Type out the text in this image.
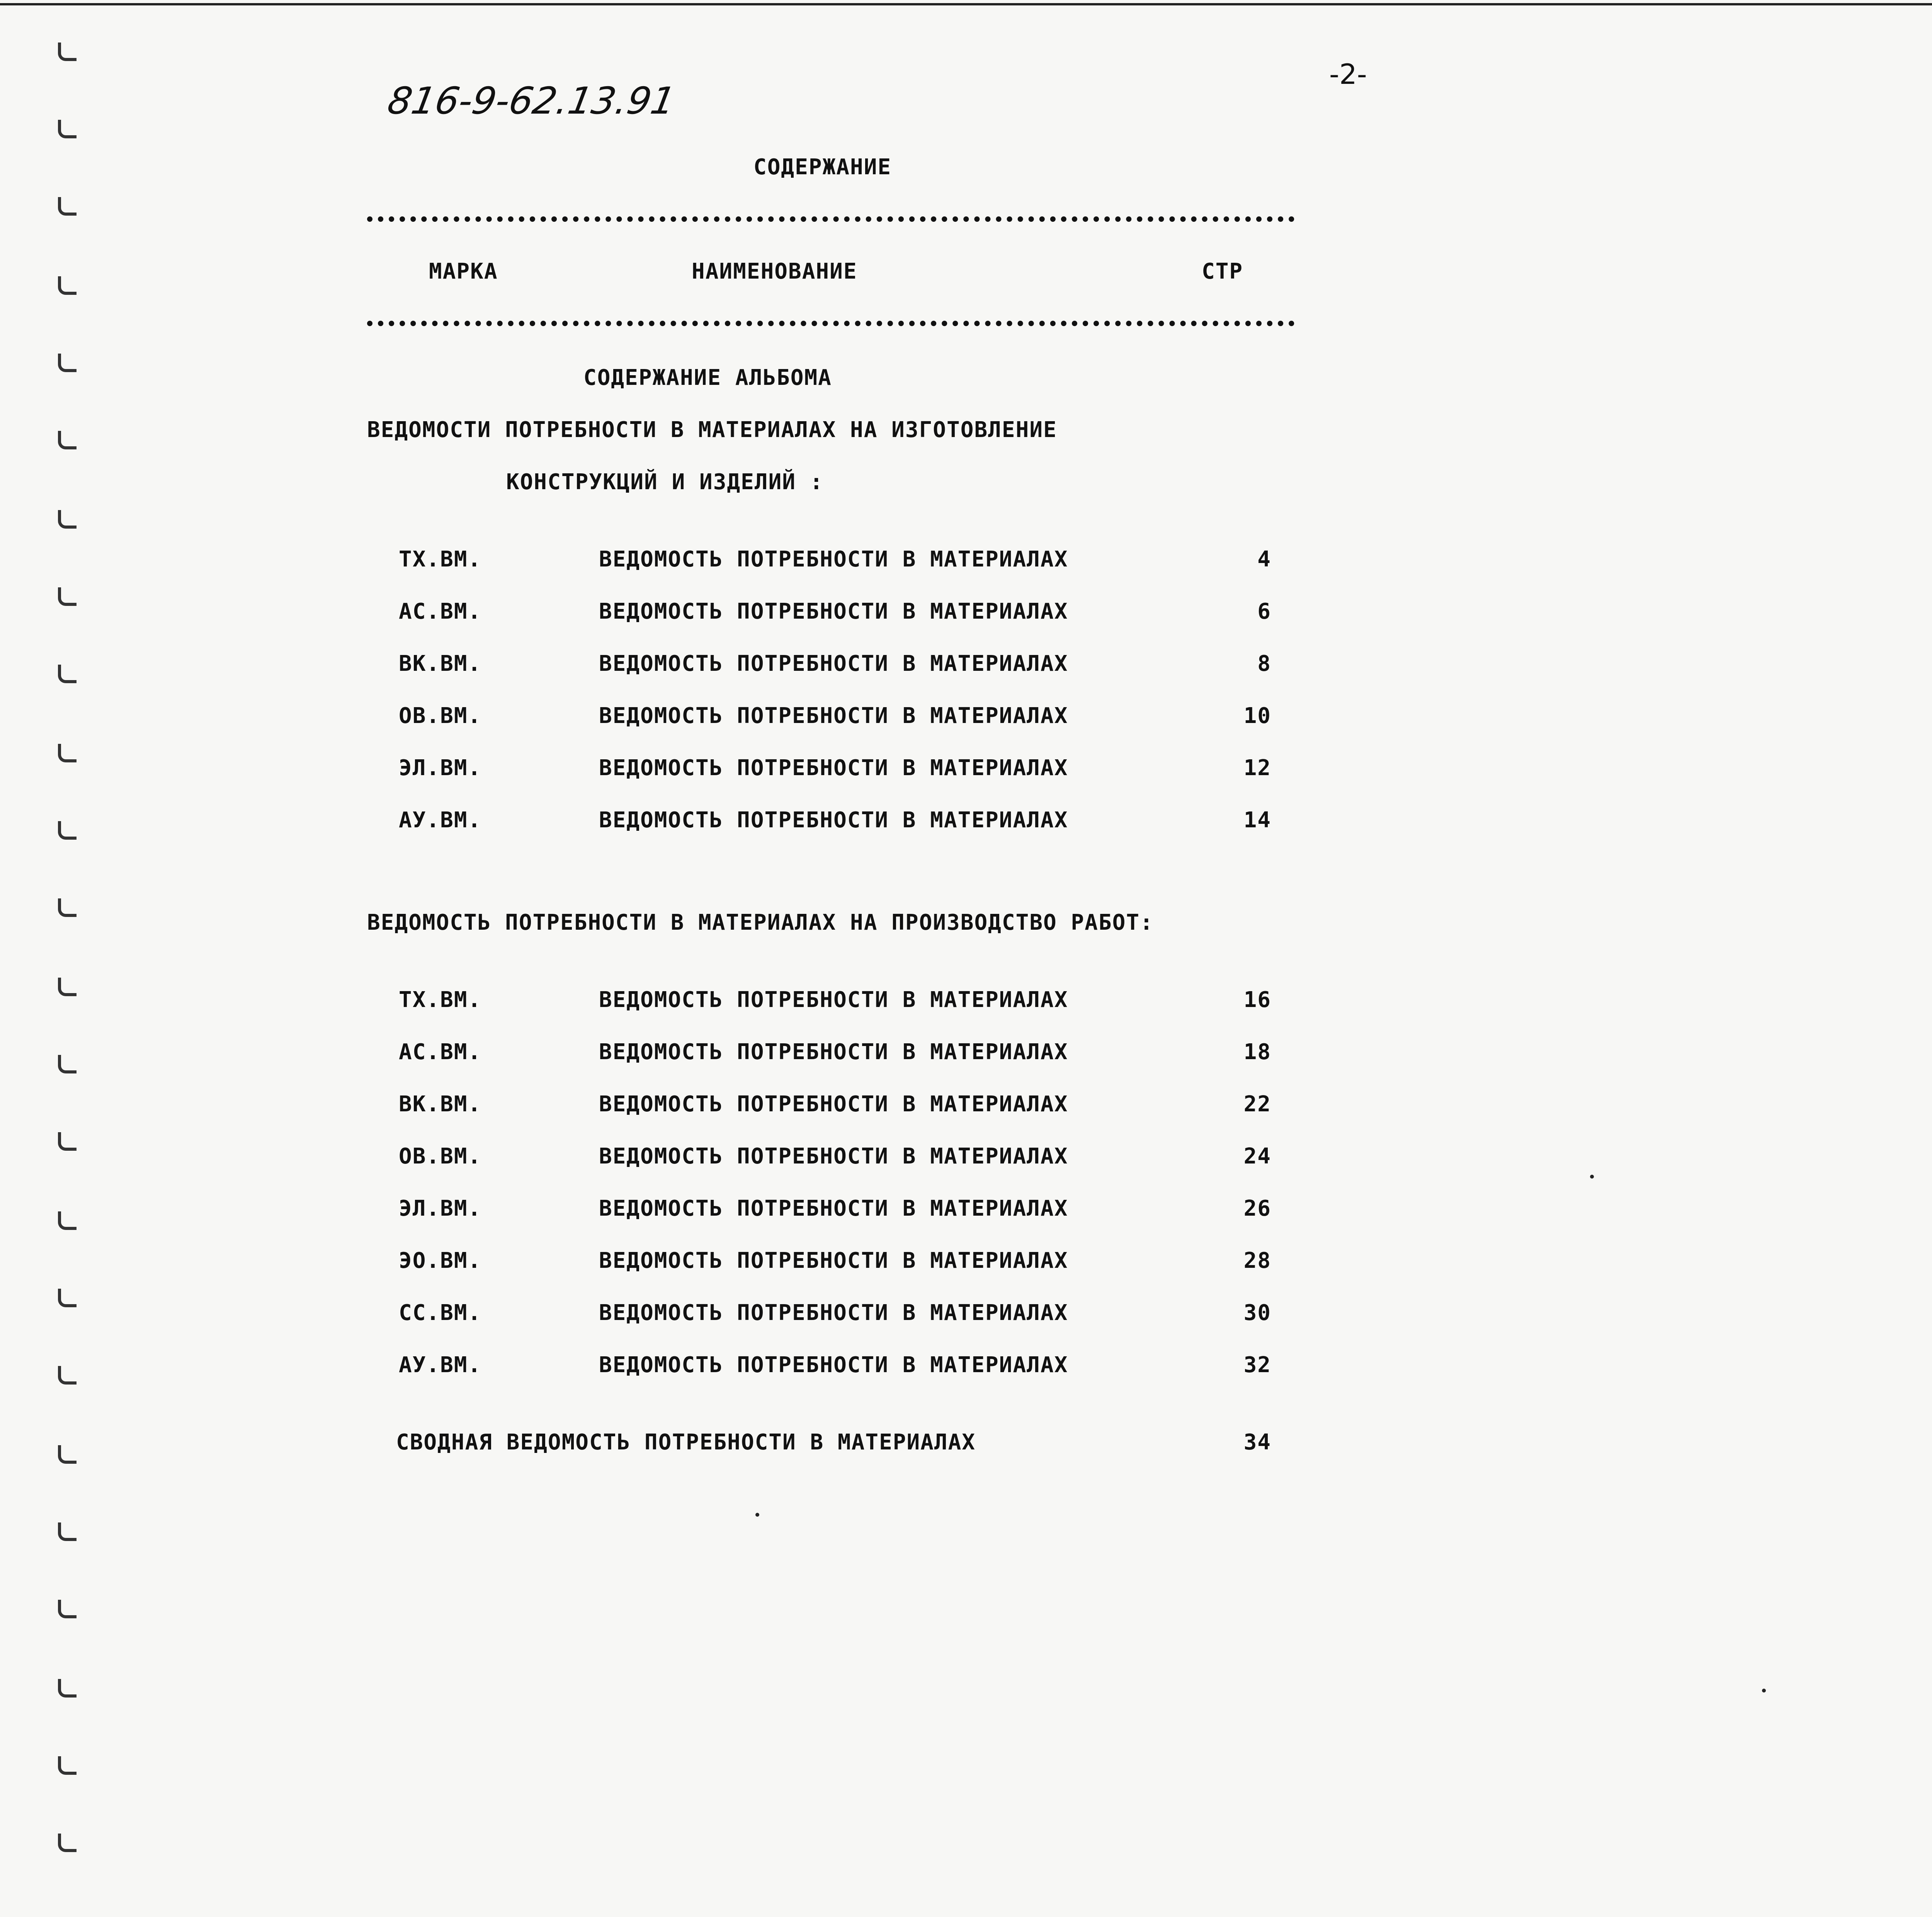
816-9-62.13.91
-2-
СОДЕРЖАНИЕ
МАРКА	НАИМЕНОВАНИЕ	СТР
СОДЕРЖАНИЕ АЛЬБОМА
ВЕДОМОСТИ ПОТРЕБНОСТИ В МАТЕРИАЛАХ НА ИЗГОТОВЛЕНИЕ
КОНСТРУКЦИЙ И ИЗДЕЛИЙ :
ТХ.ВМ.	ВЕДОМОСТЬ ПОТРЕБНОСТИ В МАТЕРИАЛАХ	4
АС.ВМ.	ВЕДОМОСТЬ ПОТРЕБНОСТИ В МАТЕРИАЛАХ	6
ВК.ВМ.	ВЕДОМОСТЬ ПОТРЕБНОСТИ В МАТЕРИАЛАХ	8
ОВ.ВМ.	ВЕДОМОСТЬ ПОТРЕБНОСТИ В МАТЕРИАЛАХ	10
ЭЛ.ВМ.	ВЕДОМОСТЬ ПОТРЕБНОСТИ В МАТЕРИАЛАХ	12
АУ.ВМ.	ВЕДОМОСТЬ ПОТРЕБНОСТИ В МАТЕРИАЛАХ	14
ВЕДОМОСТЬ ПОТРЕБНОСТИ В МАТЕРИАЛАХ НА ПРОИЗВОДСТВО РАБОТ:
ТХ.ВМ.	ВЕДОМОСТЬ ПОТРЕБНОСТИ В МАТЕРИАЛАХ	16
АС.ВМ.	ВЕДОМОСТЬ ПОТРЕБНОСТИ В МАТЕРИАЛАХ	18
ВК.ВМ.	ВЕДОМОСТЬ ПОТРЕБНОСТИ В МАТЕРИАЛАХ	22
ОВ.ВМ.	ВЕДОМОСТЬ ПОТРЕБНОСТИ В МАТЕРИАЛАХ	24
ЭЛ.ВМ.	ВЕДОМОСТЬ ПОТРЕБНОСТИ В МАТЕРИАЛАХ	26
ЭО.ВМ.	ВЕДОМОСТЬ ПОТРЕБНОСТИ В МАТЕРИАЛАХ	28
СС.ВМ.	ВЕДОМОСТЬ ПОТРЕБНОСТИ В МАТЕРИАЛАХ	30
АУ.ВМ.	ВЕДОМОСТЬ ПОТРЕБНОСТИ В МАТЕРИАЛАХ	32
СВОДНАЯ ВЕДОМОСТЬ ПОТРЕБНОСТИ В МАТЕРИАЛАХ	34
